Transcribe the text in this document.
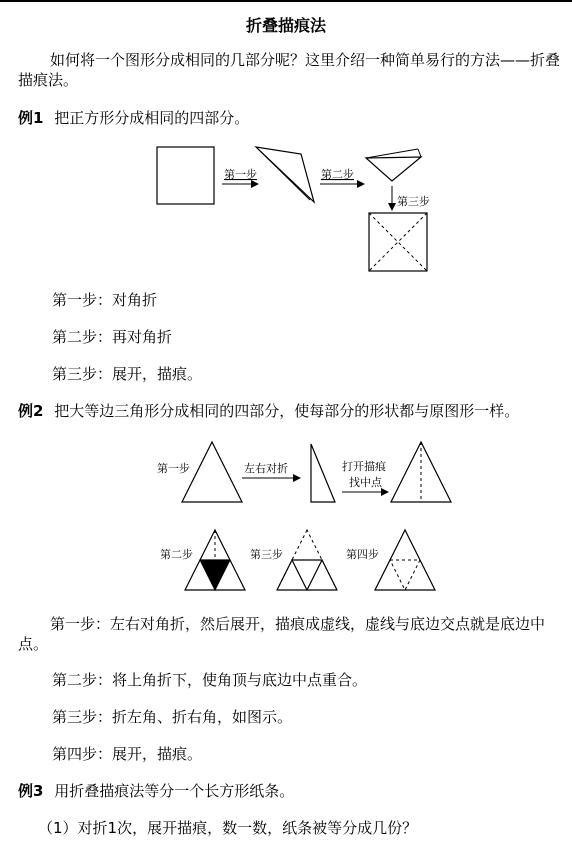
折叠描痕法
如何将一个图形分成相同的几部分呢？这里介绍一种简单易行的方法——折叠描痕法。
例1 把正方形分成相同的四部分。
第一步	第二步
第三步
第一步：对角折
第二步：再对角折
第三步：展开，描痕。
例2 把大等边三角形分成相同的四部分，使每部分的形状都与原图形一样。
第一步	左右对折	打开描痕
找中点
第二步	第三步	第四步
第一步：左右对角折，然后展开，描痕成虚线，虚线与底边交点就是底边中点。
第二步：将上角折下，使角顶与底边中点重合。
第三步：折左角、折右角，如图示。
第四步：展开，描痕。
例3 用折叠描痕法等分一个长方形纸条。
（1）对折1次，展开描痕，数一数，纸条被等分成几份？
